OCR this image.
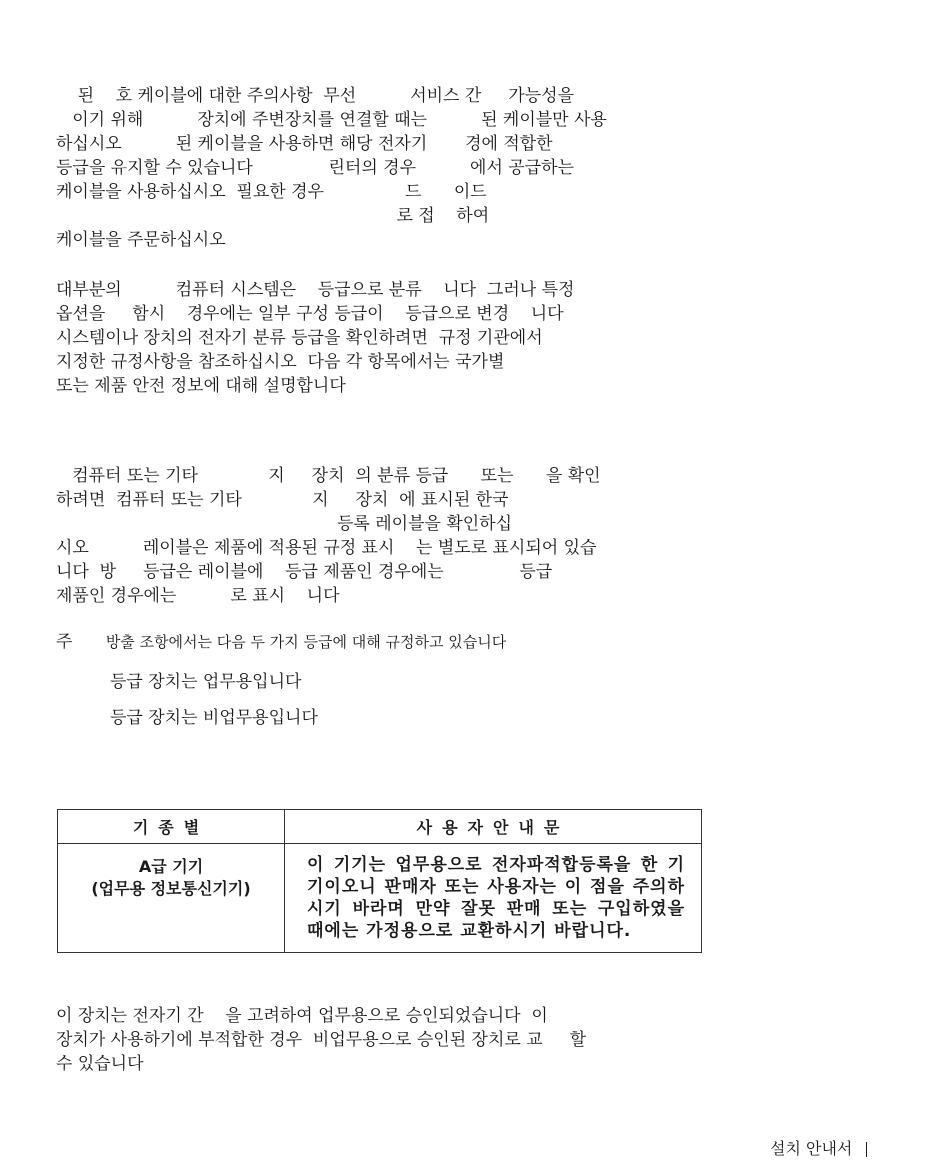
된    호 케이블에 대한 주의사항  무선          서비스 간     가능성을
이기 위해          장치에 주변장치를 연결할 때는          된 케이블만 사용
하십시오          된 케이블을 사용하면 해당 전자기       경에 적합한
등급을 유지할 수 있습니다              린터의 경우          에서 공급하는
케이블을 사용하십시오  필요한 경우               드      이드
로 접    하여
케이블을 주문하십시오
대부분의          컴퓨터 시스템은    등급으로 분류    니다  그러나 특정
옵션을     함시    경우에는 일부 구성 등급이    등급으로 변경    니다
시스템이나 장치의 전자기 분류 등급을 확인하려면  규정 기관에서
지정한 규정사항을 참조하십시오  다음 각 항목에서는 국가별
또는 제품 안전 정보에 대해 설명합니다
컴퓨터 또는 기타             지     장치  의 분류 등급      또는      을 확인
하려면  컴퓨터 또는 기타             지     장치  에 표시된 한국
등록 레이블을 확인하십
시오          레이블은 제품에 적용된 규정 표시    는 별도로 표시되어 있습
니다  방     등급은 레이블에    등급 제품인 경우에는              등급
제품인 경우에는          로 표시    니다
주       방출 조항에서는 다음 두 가지 등급에 대해 규정하고 있습니다
등급 장치는 업무용입니다
등급 장치는 비업무용입니다
기종별	사용자안내문

A급 기기
(업무용 정보통신기기)	이 기기는 업무용으로 전자파적합등록을 한 기기이오니 판매자 또는 사용자는 이 점을 주의하시기 바라며 만약 잘못 판매 또는 구입하였을 때에는 가정용으로 교환하시기 바랍니다.
이 장치는 전자기 간    을 고려하여 업무용으로 승인되었습니다  이
장치가 사용하기에 부적합한 경우  비업무용으로 승인된 장치로 교     할
수 있습니다
설치 안내서
